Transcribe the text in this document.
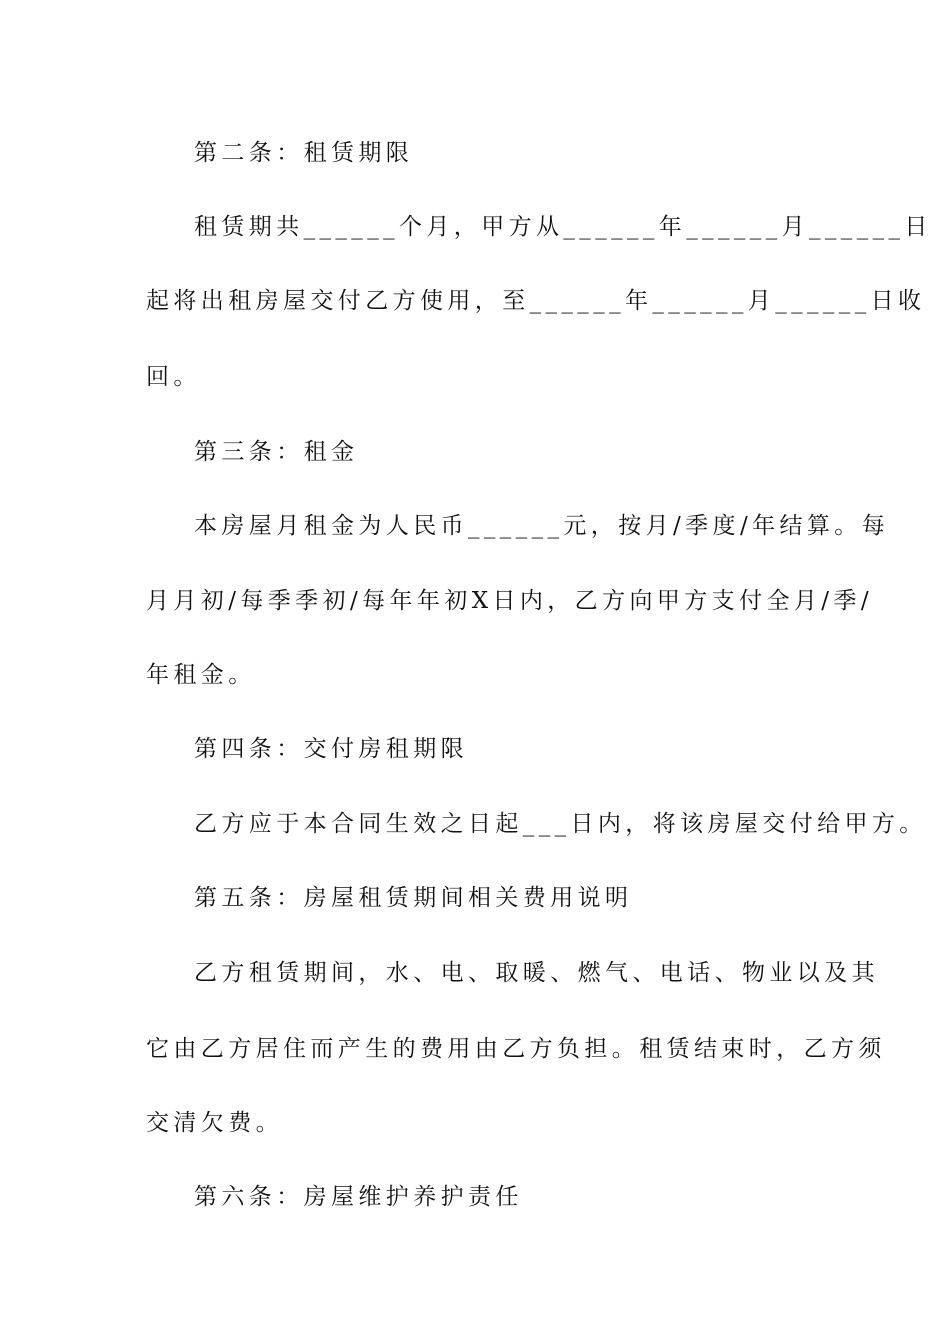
第二条：租赁期限
租赁期共______个月，甲方从______年______月______日
起将出租房屋交付乙方使用，至______年______月______日收
回。
第三条：租金
本房屋月租金为人民币______元，按月/季度/年结算。每
月月初/每季季初/每年年初X日内，乙方向甲方支付全月/季/
年租金。
第四条：交付房租期限
乙方应于本合同生效之日起___日内，将该房屋交付给甲方。
第五条：房屋租赁期间相关费用说明
乙方租赁期间，水、电、取暖、燃气、电话、物业以及其
它由乙方居住而产生的费用由乙方负担。租赁结束时，乙方须
交清欠费。
第六条：房屋维护养护责任
